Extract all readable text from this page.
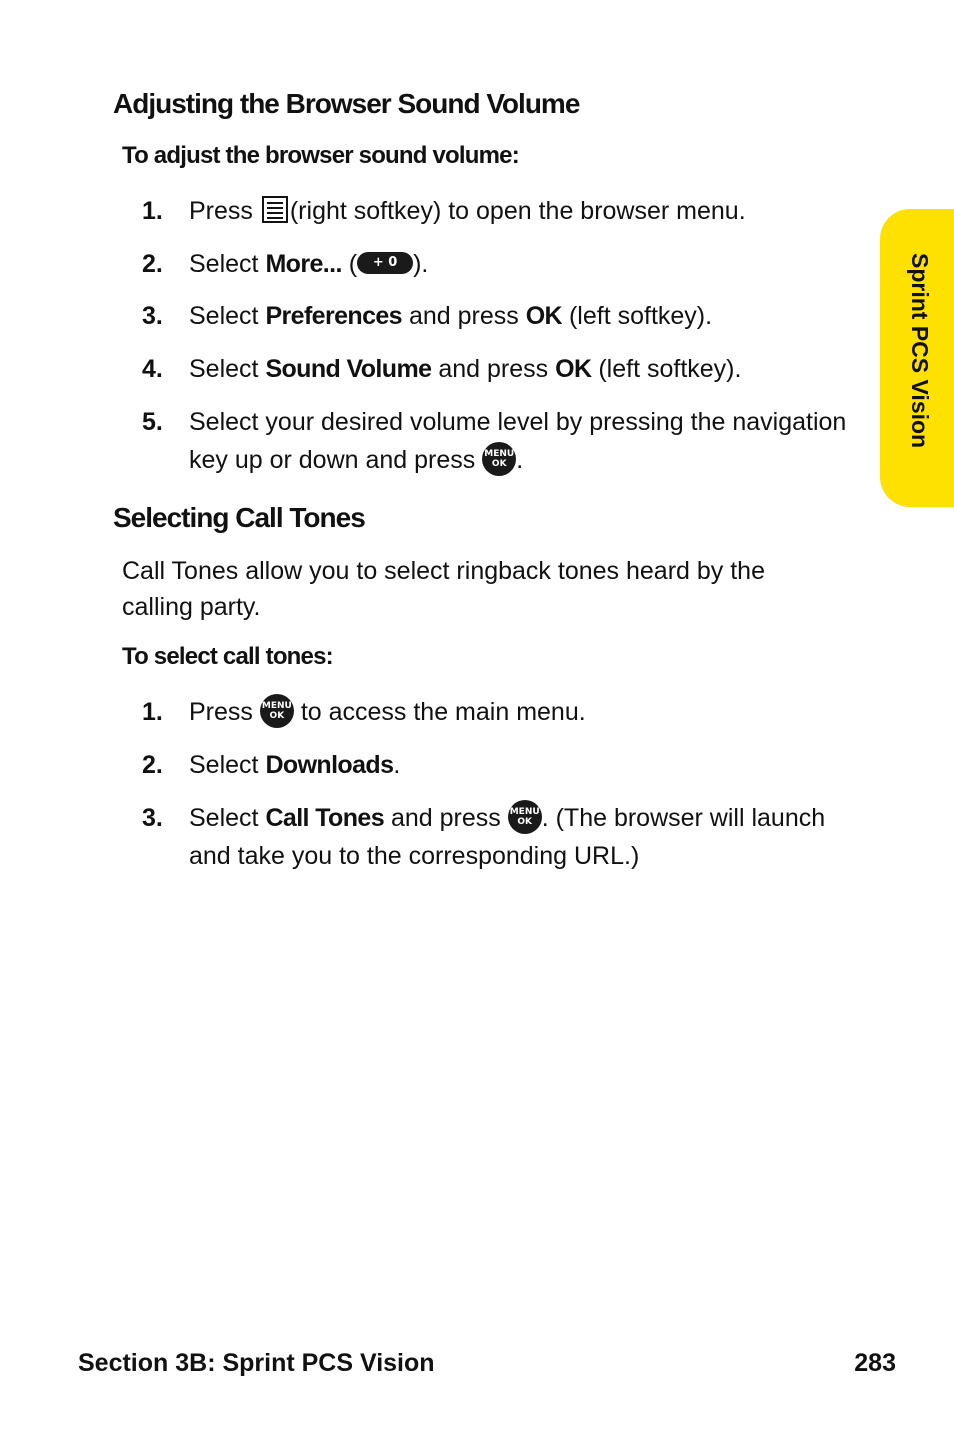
Adjusting the Browser Sound Volume
To adjust the browser sound volume:
1.	Press (right softkey) to open the browser menu.
2.	Select More... ( + 0 ).
3.	Select Preferences and press OK (left softkey).
4.	Select Sound Volume and press OK (left softkey).
5.	Select your desired volume level by pressing the navigation key up or down and press MENU
OK .
Selecting Call Tones

Call Tones allow you to select ringback tones heard by the calling party.

To select call tones:
1.	Press MENU
OK to access the main menu.
2.	Select Downloads.
3.	Select Call Tones and press MENU
OK . (The browser will launch and take you to the corresponding URL.)
Sprint PCS Vision

Section 3B: Sprint PCS Vision	283
